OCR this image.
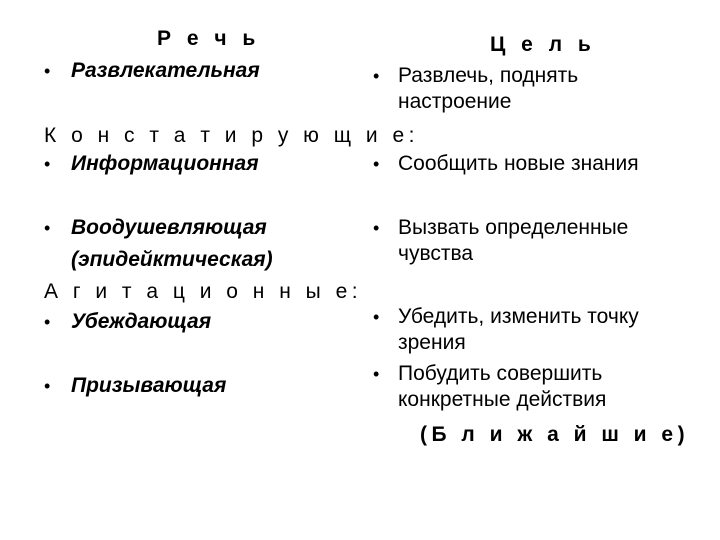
Р е ч ь
• Развлекательная
К о н с т а т и р у ю щ и е:
• Информационная
• Воодушевляющая
(эпидейктическая)
А г и т а ц и о н н ы е:
• Убеждающая
• Призывающая
Ц е л ь
• Развлечь, поднять
настроение
• Сообщить новые знания
• Вызвать определенные
чувства
• Убедить, изменить точку
зрения
• Побудить совершить
конкретные действия
(Б л и ж а й ш и е)
